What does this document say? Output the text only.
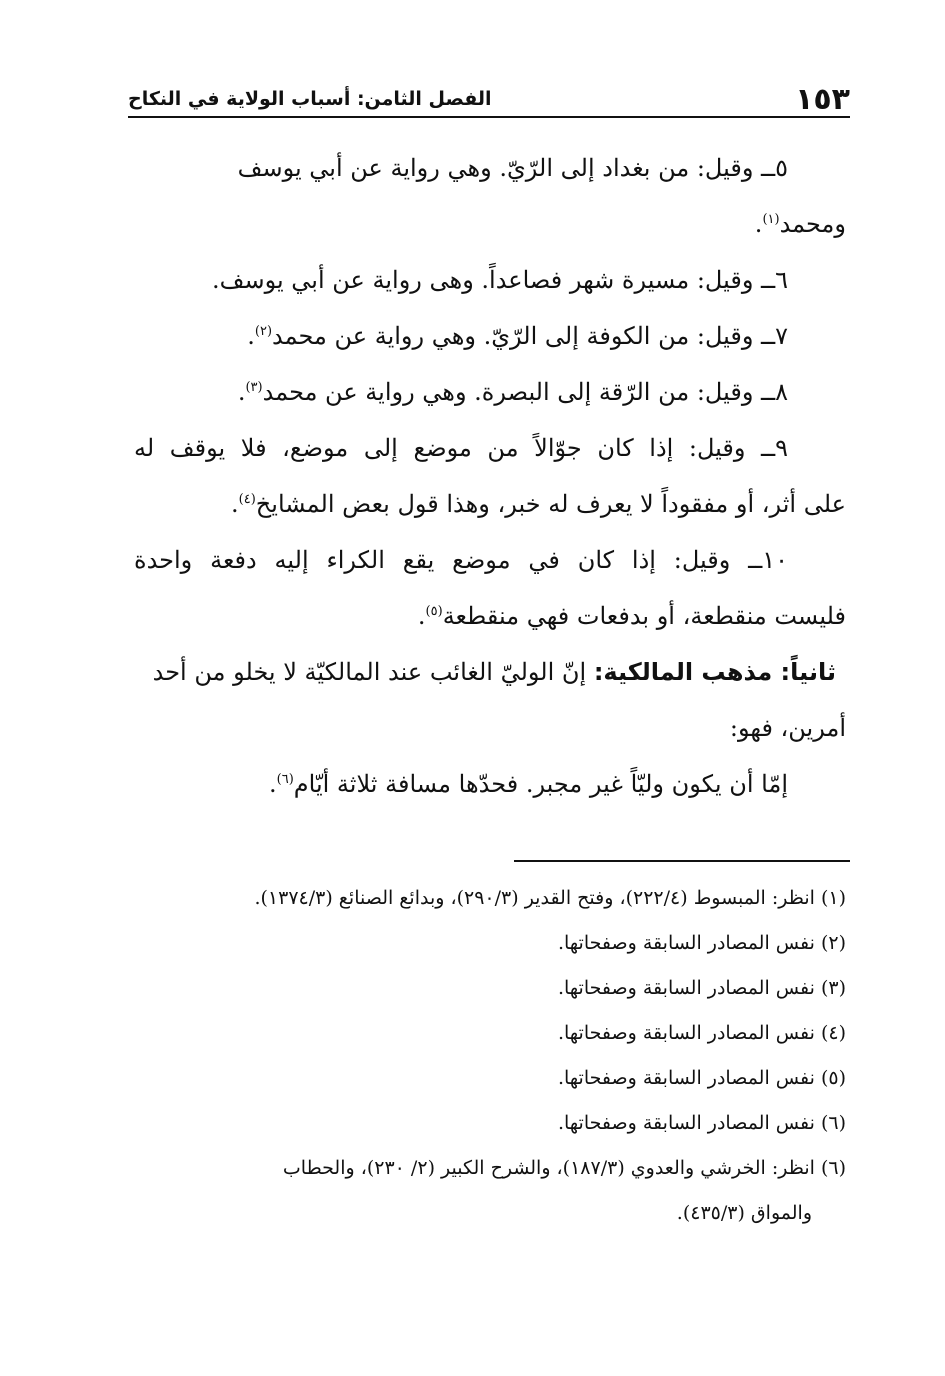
١٥٣
الفصل الثامن: أسباب الولاية في النكاح
٥ــ وقيل: من بغداد إلى الرّيّ. وهي رواية عن أبي يوسف
ومحمد$^{(١)}$.
٦ــ وقيل: مسيرة شهر فصاعداً. وهى رواية عن أبي يوسف.
٧ــ وقيل: من الكوفة إلى الرّيّ. وهي رواية عن محمد$^{(٢)}$.
٨ــ وقيل: من الرّقة إلى البصرة. وهي رواية عن محمد$^{(٣)}$.
٩ــ وقيل: إذا كان جوّالاً من موضع إلى موضع، فلا يوقف له
على أثر، أو مفقوداً لا يعرف له خبر، وهذا قول بعض المشايخ$^{(٤)}$.
١٠ــ وقيل: إذا كان في موضع يقع الكراء إليه دفعة واحدة
فليست منقطعة، أو بدفعات فهي منقطعة$^{(٥)}$.
ثانياً: مذهب المالكية: إنّ الوليّ الغائب عند المالكيّة لا يخلو من أحد
أمرين، فهو:
إمّا أن يكون وليّاً غير مجبر. فحدّها مسافة ثلاثة أيّام$^{(٦)}$.
(١) انظر: المبسوط (٢٢٢/٤)، وفتح القدير (٢٩٠/٣)، وبدائع الصنائع (١٣٧٤/٣).
(٢) نفس المصادر السابقة وصفحاتها.
(٣) نفس المصادر السابقة وصفحاتها.
(٤) نفس المصادر السابقة وصفحاتها.
(٥) نفس المصادر السابقة وصفحاتها.
(٦) نفس المصادر السابقة وصفحاتها.
(٦) انظر: الخرشي والعدوي (١٨٧/٣)، والشرح الكبير (٢/ ٢٣٠)، والحطاب
والمواق (٤٣٥/٣).
